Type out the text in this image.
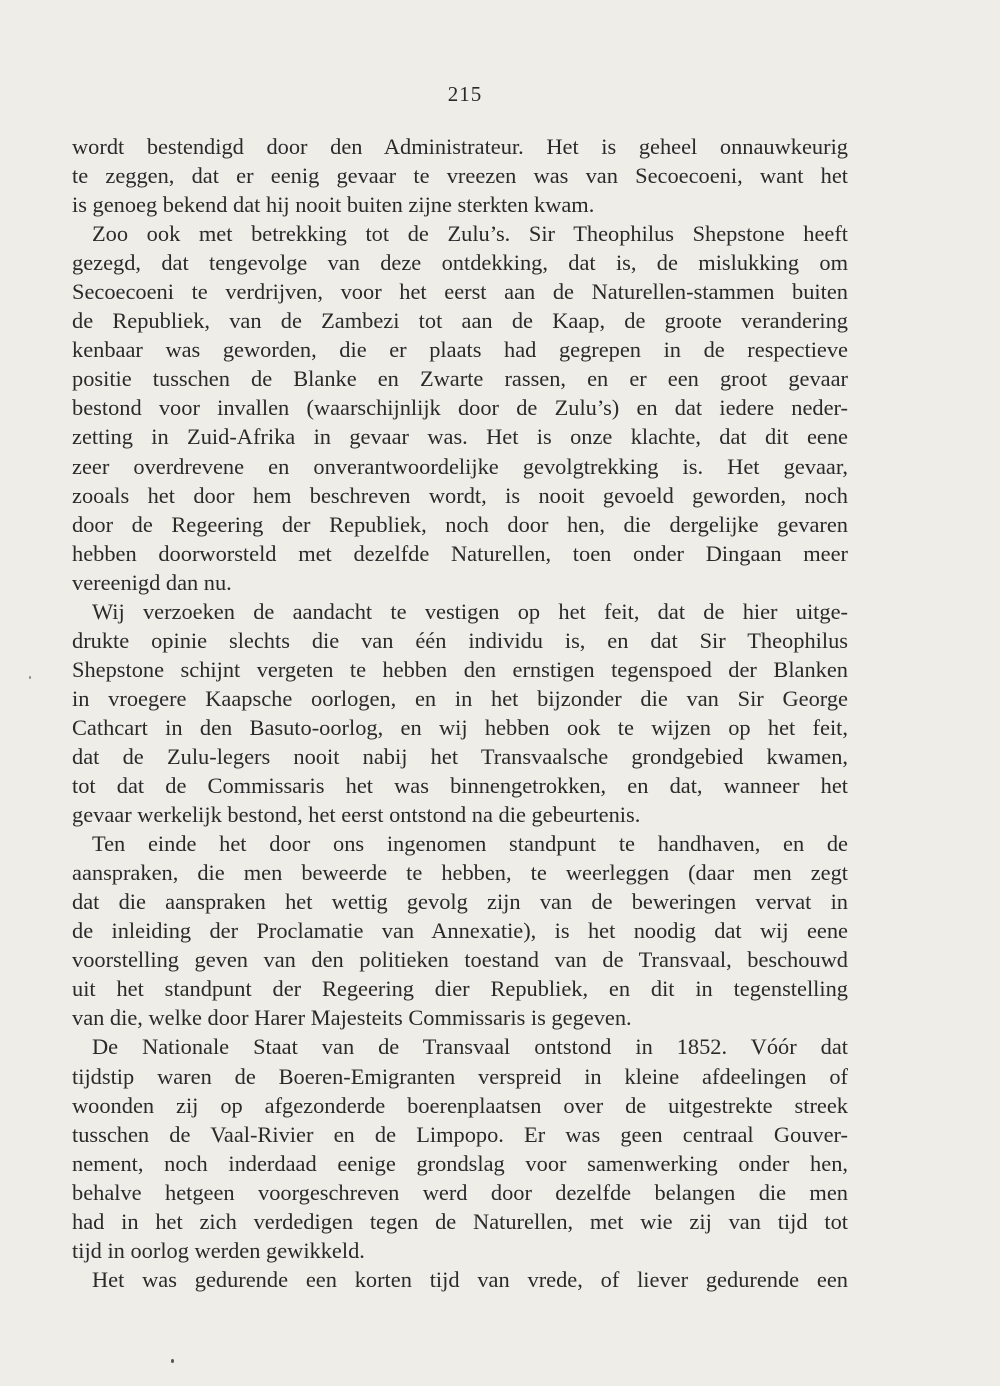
215
wordt bestendigd door den Administrateur. Het is geheel onnauwkeurig
te zeggen, dat er eenig gevaar te vreezen was van Secoecoeni, want het
is genoeg bekend dat hij nooit buiten zijne sterkten kwam.
Zoo ook met betrekking tot de Zulu’s. Sir Theophilus Shepstone heeft
gezegd, dat tengevolge van deze ontdekking, dat is, de mislukking om
Secoecoeni te verdrijven, voor het eerst aan de Naturellen-stammen buiten
de Republiek, van de Zambezi tot aan de Kaap, de groote verandering
kenbaar was geworden, die er plaats had gegrepen in de respectieve
positie tusschen de Blanke en Zwarte rassen, en er een groot gevaar
bestond voor invallen (waarschijnlijk door de Zulu’s) en dat iedere neder-
zetting in Zuid-Afrika in gevaar was. Het is onze klachte, dat dit eene
zeer overdrevene en onverantwoordelijke gevolgtrekking is. Het gevaar,
zooals het door hem beschreven wordt, is nooit gevoeld geworden, noch
door de Regeering der Republiek, noch door hen, die dergelijke gevaren
hebben doorworsteld met dezelfde Naturellen, toen onder Dingaan meer
vereenigd dan nu.
Wij verzoeken de aandacht te vestigen op het feit, dat de hier uitge-
drukte opinie slechts die van één individu is, en dat Sir Theophilus
Shepstone schijnt vergeten te hebben den ernstigen tegenspoed der Blanken
in vroegere Kaapsche oorlogen, en in het bijzonder die van Sir George
Cathcart in den Basuto-oorlog, en wij hebben ook te wijzen op het feit,
dat de Zulu-legers nooit nabij het Transvaalsche grondgebied kwamen,
tot dat de Commissaris het was binnengetrokken, en dat, wanneer het
gevaar werkelijk bestond, het eerst ontstond na die gebeurtenis.
Ten einde het door ons ingenomen standpunt te handhaven, en de
aanspraken, die men beweerde te hebben, te weerleggen (daar men zegt
dat die aanspraken het wettig gevolg zijn van de beweringen vervat in
de inleiding der Proclamatie van Annexatie), is het noodig dat wij eene
voorstelling geven van den politieken toestand van de Transvaal, beschouwd
uit het standpunt der Regeering dier Republiek, en dit in tegenstelling
van die, welke door Harer Majesteits Commissaris is gegeven.
De Nationale Staat van de Transvaal ontstond in 1852. Vóór dat
tijdstip waren de Boeren-Emigranten verspreid in kleine afdeelingen of
woonden zij op afgezonderde boerenplaatsen over de uitgestrekte streek
tusschen de Vaal-Rivier en de Limpopo. Er was geen centraal Gouver-
nement, noch inderdaad eenige grondslag voor samenwerking onder hen,
behalve hetgeen voorgeschreven werd door dezelfde belangen die men
had in het zich verdedigen tegen de Naturellen, met wie zij van tijd tot
tijd in oorlog werden gewikkeld.
Het was gedurende een korten tijd van vrede, of liever gedurende een
